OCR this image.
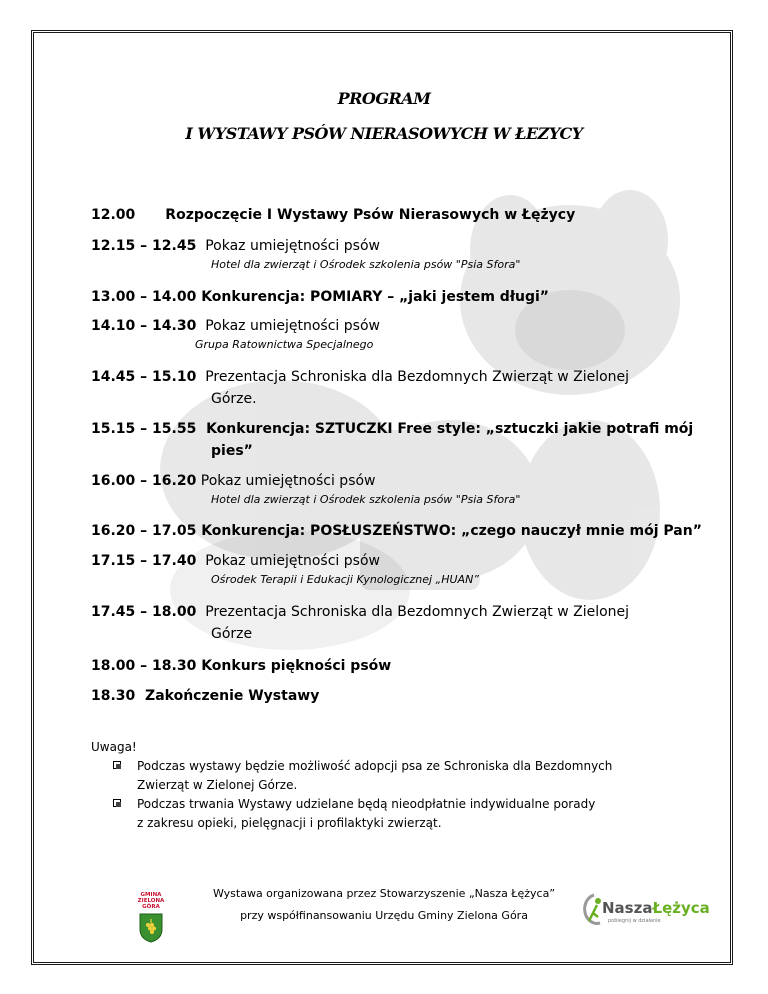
PROGRAM
I WYSTAWY PSÓW NIERASOWYCH W ŁEZYCY
12.00 Rozpoczęcie I Wystawy Psów Nierasowych w Łężycy
12.15 – 12.45 Pokaz umiejętności psów
Hotel dla zwierząt i Ośrodek szkolenia psów "Psia Sfora"
13.00 – 14.00 Konkurencja: POMIARY – „jaki jestem długi”
14.10 – 14.30 Pokaz umiejętności psów
Grupa Ratownictwa Specjalnego
14.45 – 15.10 Prezentacja Schroniska dla Bezdomnych Zwierząt w Zielonej
Górze.
15.15 – 15.55 Konkurencja: SZTUCZKI Free style: „sztuczki jakie potrafi mój
pies”
16.00 – 16.20 Pokaz umiejętności psów
Hotel dla zwierząt i Ośrodek szkolenia psów "Psia Sfora"
16.20 – 17.05 Konkurencja: POSŁUSZEŃSTWO: „czego nauczył mnie mój Pan”
17.15 – 17.40 Pokaz umiejętności psów
Ośrodek Terapii i Edukacji Kynologicznej „HUAN”
17.45 – 18.00 Prezentacja Schroniska dla Bezdomnych Zwierząt w Zielonej
Górze
18.00 – 18.30 Konkurs piękności psów
18.30 Zakończenie Wystawy
Uwaga!
Podczas wystawy będzie możliwość adopcji psa ze Schroniska dla Bezdomnych
Zwierząt w Zielonej Górze.
Podczas trwania Wystawy udzielane będą nieodpłatnie indywidualne porady
z zakresu opieki, pielęgnacji i profilaktyki zwierząt.
Wystawa organizowana przez Stowarzyszenie „Nasza Łężyca”
przy współfinansowaniu Urzędu Gminy Zielona Góra
GMINA
ZIELONA GÓRA	NaszaŁężyca
pobiegnij w działanie
